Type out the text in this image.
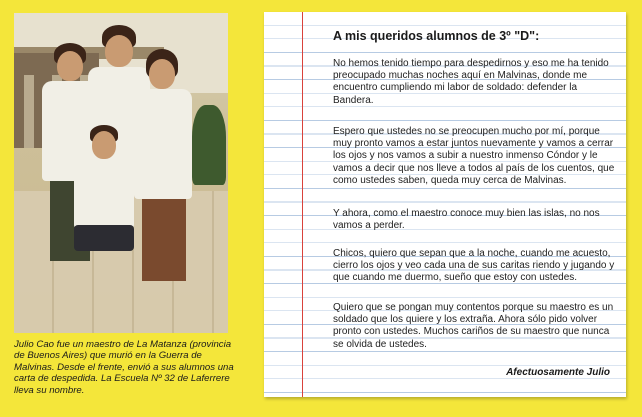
Julio Cao fue un maestro de La Matanza (provincia de Buenos Aires) que murió en la Guerra de Malvinas. Desde el frente, envió a sus alumnos una carta de despedida. La Escuela Nº 32 de Laferrere lleva su nombre.
A mis queridos alumnos de 3º "D":
No hemos tenido tiempo para despedirnos y eso me ha tenido preocupado muchas noches aquí en Malvinas, donde me encuentro cumpliendo mi labor de soldado: defender la Bandera.
Espero que ustedes no se preocupen mucho por mí, porque muy pronto vamos a estar juntos nuevamente y vamos a cerrar los ojos y nos vamos a subir a nuestro inmenso Cóndor y le vamos a decir que nos lleve a todos al país de los cuentos, que como ustedes saben, queda muy cerca de Malvinas.
Y ahora, como el maestro conoce muy bien las islas, no nos vamos a perder.
Chicos, quiero que sepan que a la noche, cuando me acuesto, cierro los ojos y veo cada una de sus caritas riendo y jugando y que cuando me duermo, sueño que estoy con ustedes.
Quiero que se pongan muy contentos porque su maestro es un soldado que los quiere y los extraña. Ahora sólo pido volver pronto con ustedes. Muchos cariños de su maestro que nunca se olvida de ustedes.
Afectuosamente Julio
